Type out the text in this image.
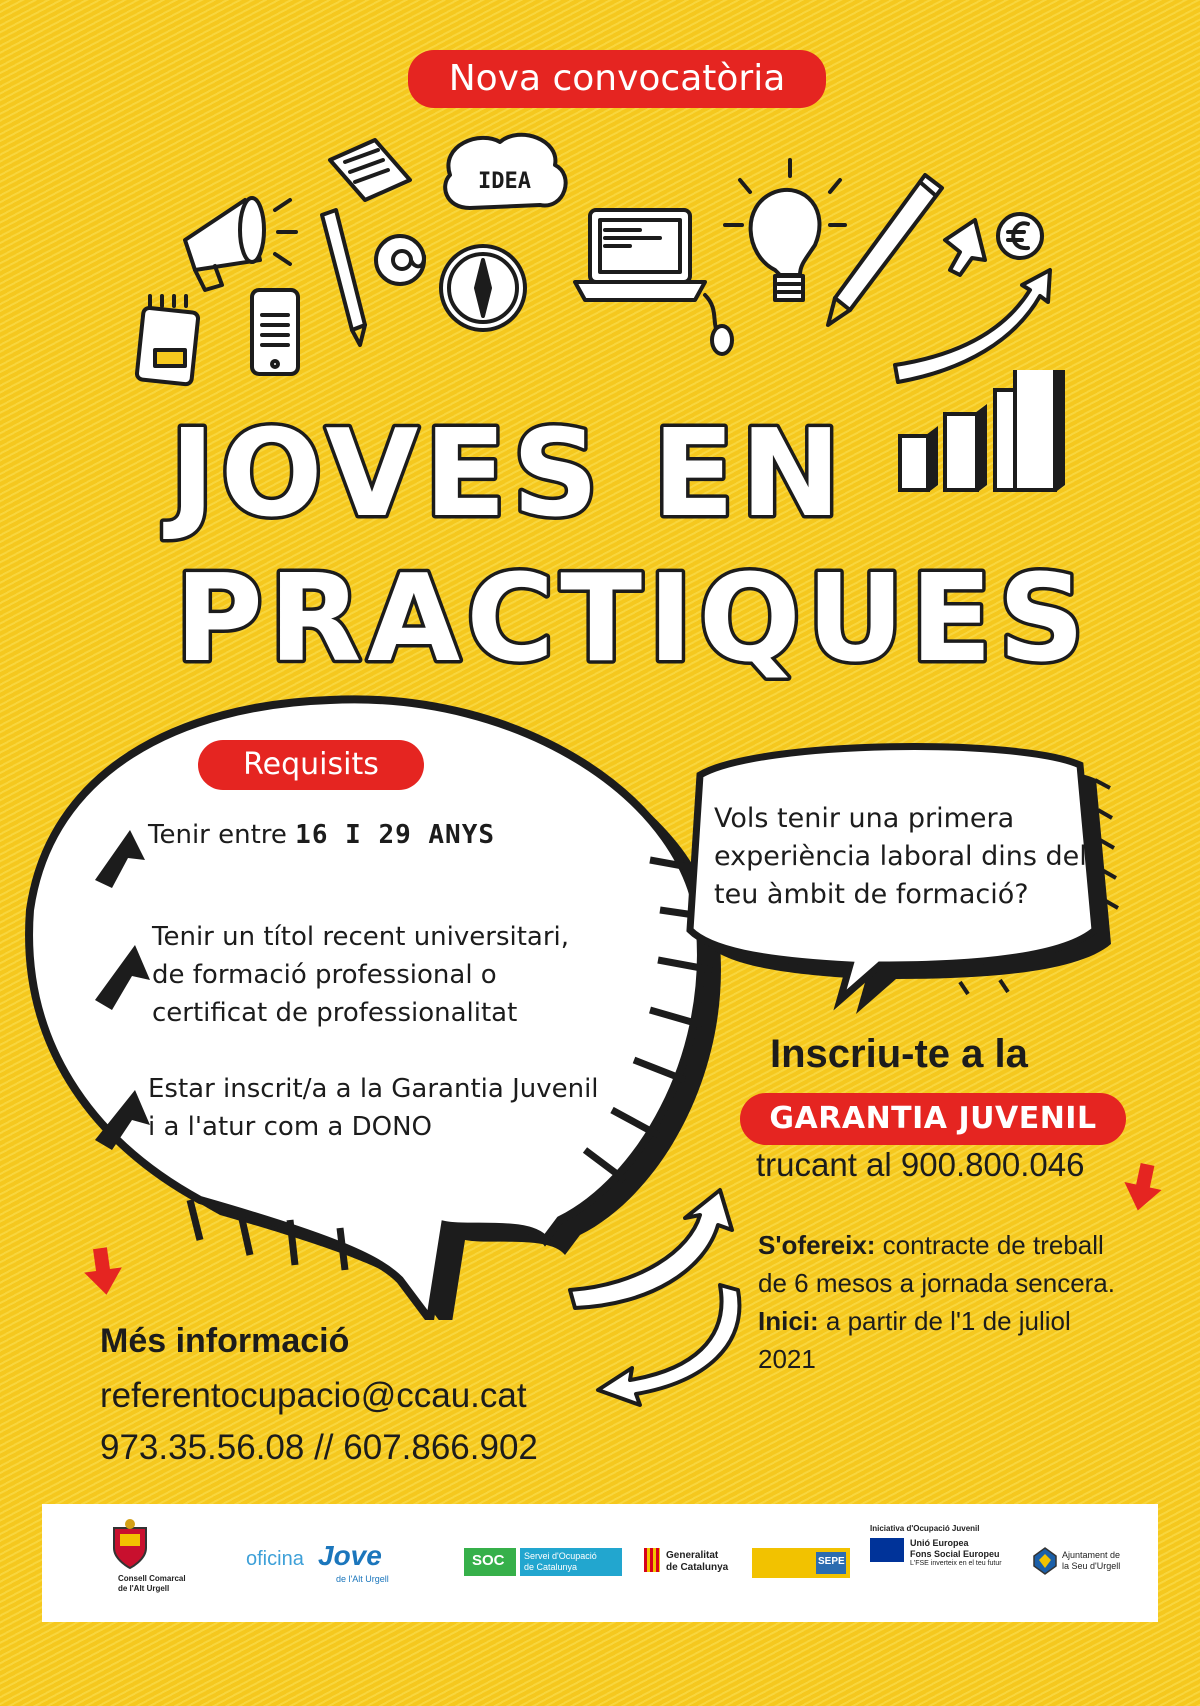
Nova convocatòria
IDEA
JOVES EN
PRACTIQUES
Requisits
Tenir entre 16 I 29 ANYS
Tenir un títol recent universitari,
de formació professional o
certificat de professionalitat
Estar inscrit/a a la Garantia Juvenil
i a l'atur com a DONO
Vols tenir una primera
experiència laboral dins del
teu àmbit de formació?
Inscriu-te a la
GARANTIA JUVENIL
trucant al 900.800.046
S'ofereix: contracte de treball
de 6 mesos a jornada sencera.
Inici: a partir de l'1 de juliol
2021
Més informació
referentocupacio@ccau.cat
973.35.56.08 // 607.866.902
Consell Comarcal
de l'Alt Urgell
oficina Jove
de l'Alt Urgell
SOC Servei d'Ocupació
de Catalunya
Generalitat
de Catalunya
SEPE
Iniciativa d'Ocupació Juvenil
Unió Europea
Fons Social Europeu
L'FSE inverteix en el teu futur
Ajuntament de
la Seu d'Urgell
